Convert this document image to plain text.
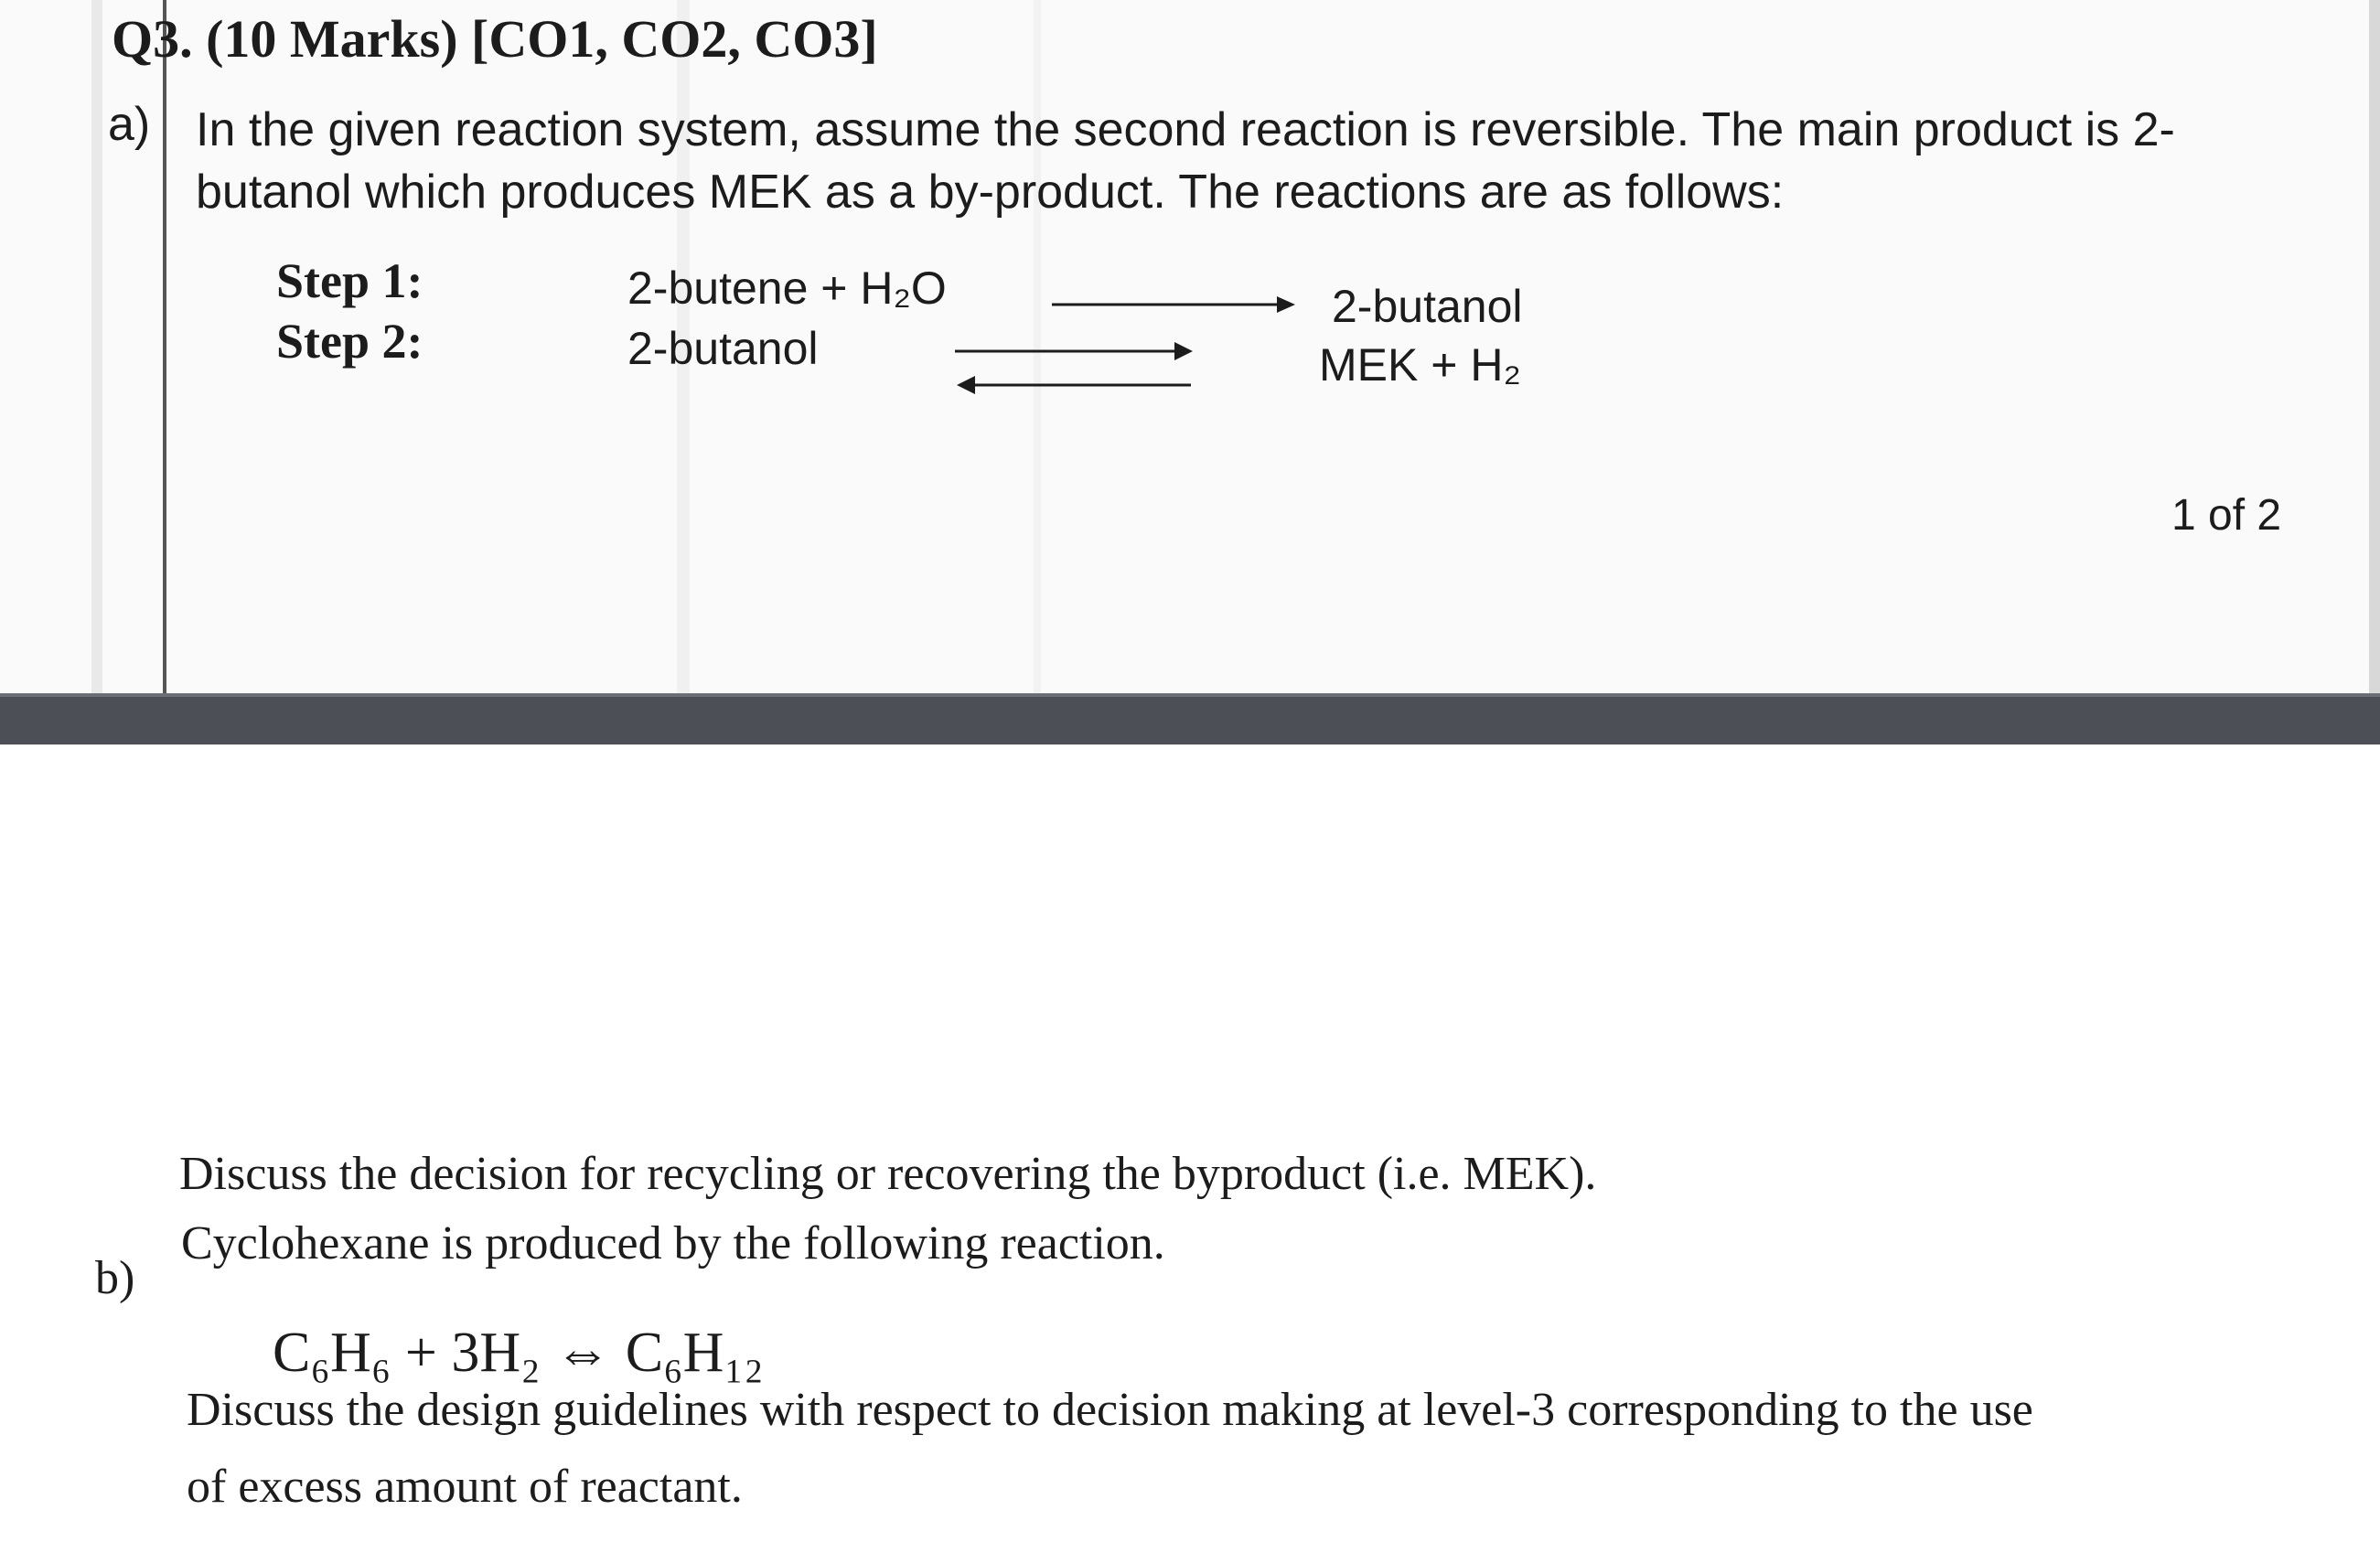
Q3. (10 Marks) [CO1, CO2, CO3]
a) In the given reaction system, assume the second reaction is reversible. The main product is 2-
butanol which produces MEK as a by-product. The reactions are as follows:
Step 1:	2-butene + H₂O	2-butanol
Step 2:	2-butanol	MEK + H₂
1 of 2
Discuss the decision for recycling or recovering the byproduct (i.e. MEK).
b)
Cyclohexane is produced by the following reaction.
C₆H₆ + 3H₂ ⇔ C₆H₁₂
Discuss the design guidelines with respect to decision making at level-3 corresponding to the use
of excess amount of reactant.
